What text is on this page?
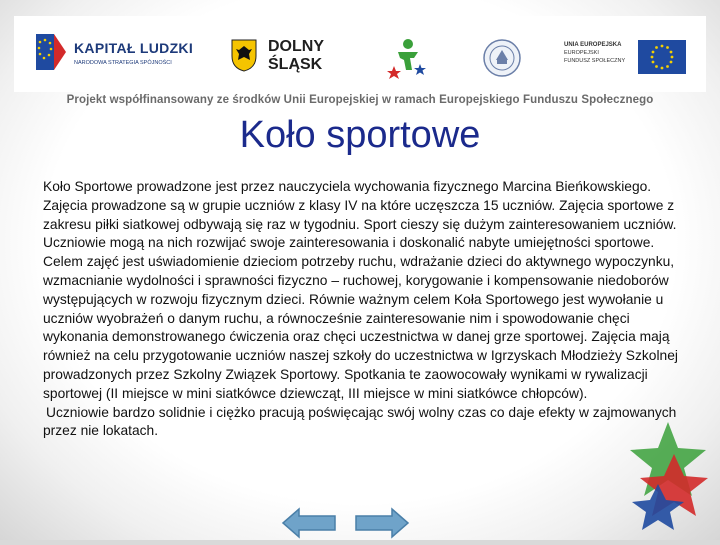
KAPITAŁ LUDZKI
NARODOWA STRATEGIA SPÓJNOŚCI
DOLNY
ŚLĄSK
UNIA EUROPEJSKA
EUROPEJSKI
FUNDUSZ SPOŁECZNY
Projekt współfinansowany ze środków Unii Europejskiej w ramach Europejskiego Funduszu Społecznego
Koło sportowe

Koło Sportowe prowadzone jest przez nauczyciela wychowania fizycznego Marcina Bieńkowskiego. Zajęcia prowadzone są w grupie uczniów z klasy IV na które uczęszcza 15 uczniów. Zajęcia sportowe z zakresu piłki siatkowej odbywają się raz w tygodniu. Sport cieszy się dużym zainteresowaniem uczniów. Uczniowie mogą na nich rozwijać swoje zainteresowania i doskonalić nabyte umiejętności sportowe. Celem zajęć jest uświadomienie dzieciom potrzeby ruchu, wdrażanie dzieci do aktywnego wypoczynku, wzmacnianie wydolności i sprawności fizyczno – ruchowej, korygowanie i kompensowanie niedoborów występujących w rozwoju fizycznym dzieci. Równie ważnym celem Koła Sportowego jest wywołanie u uczniów wyobrażeń o danym ruchu, a równocześnie zainteresowanie nim i spowodowanie chęci wykonania demonstrowanego ćwiczenia oraz chęci uczestnictwa w danej grze sportowej. Zajęcia mają również na celu przygotowanie uczniów naszej szkoły do uczestnictwa w Igrzyskach Młodzieży Szkolnej prowadzonych przez Szkolny Związek Sportowy. Spotkania te zaowocowały wynikami w rywalizacji sportowej (II miejsce w mini siatkówce dziewcząt, III miejsce w mini siatkówce chłopców).

Uczniowie bardzo solidnie i ciężko pracują poświęcając swój wolny czas co daje efekty w zajmowanych przez nie lokatach.
